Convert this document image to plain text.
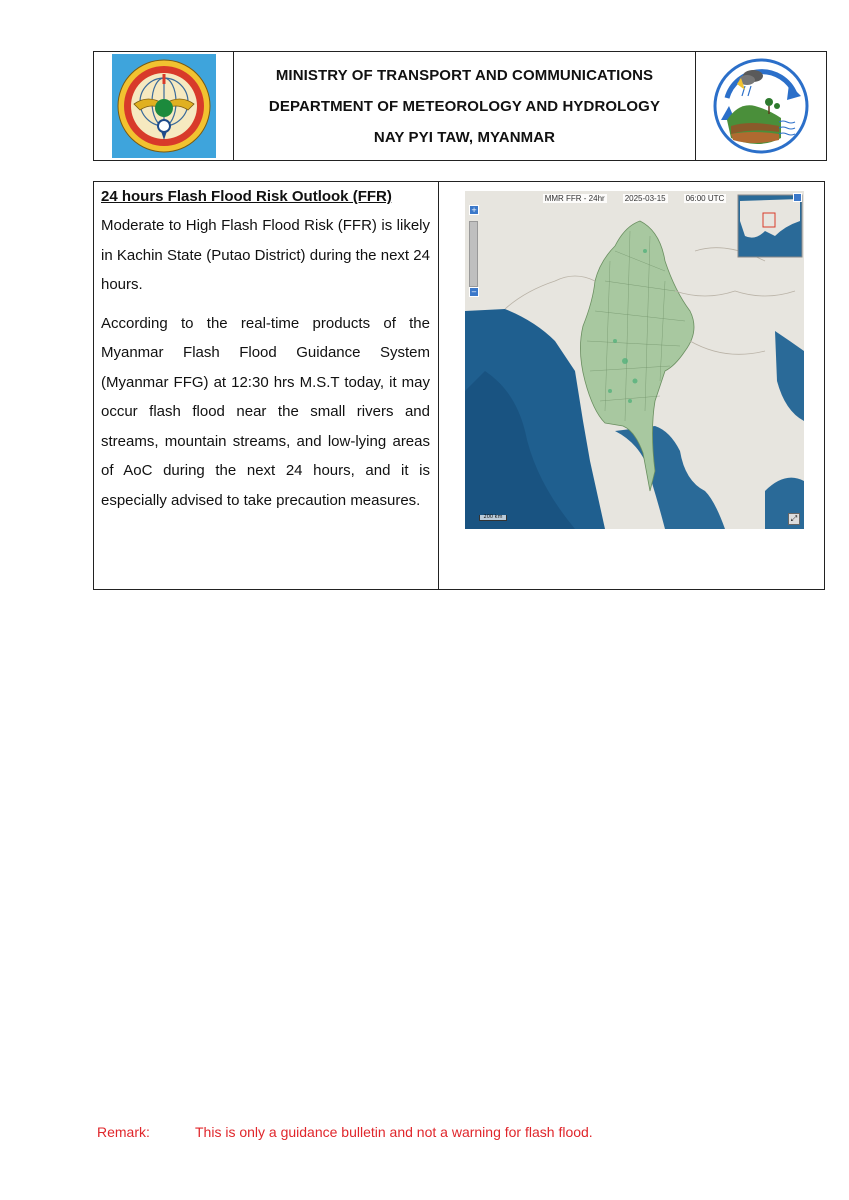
MINISTRY OF TRANSPORT AND COMMUNICATIONS
DEPARTMENT OF METEOROLOGY AND HYDROLOGY
NAY PYI TAW, MYANMAR
24 hours Flash Flood Risk Outlook (FFR)

Moderate to High Flash Flood Risk (FFR) is likely in Kachin State (Putao District) during the next 24 hours.

According to the real-time products of the Myanmar Flash Flood Guidance System (Myanmar FFG) at 12:30 hrs M.S.T today, it may occur flash flood near the small rivers and streams, mountain streams, and low-lying areas of AoC during the next 24 hours, and it is especially advised to take precaution measures.

MMR FFR - 24hr	2025-03-15	06:00 UTC
+
−
200 km	⤢
Remark:	This is only a guidance bulletin and not a warning for flash flood.
